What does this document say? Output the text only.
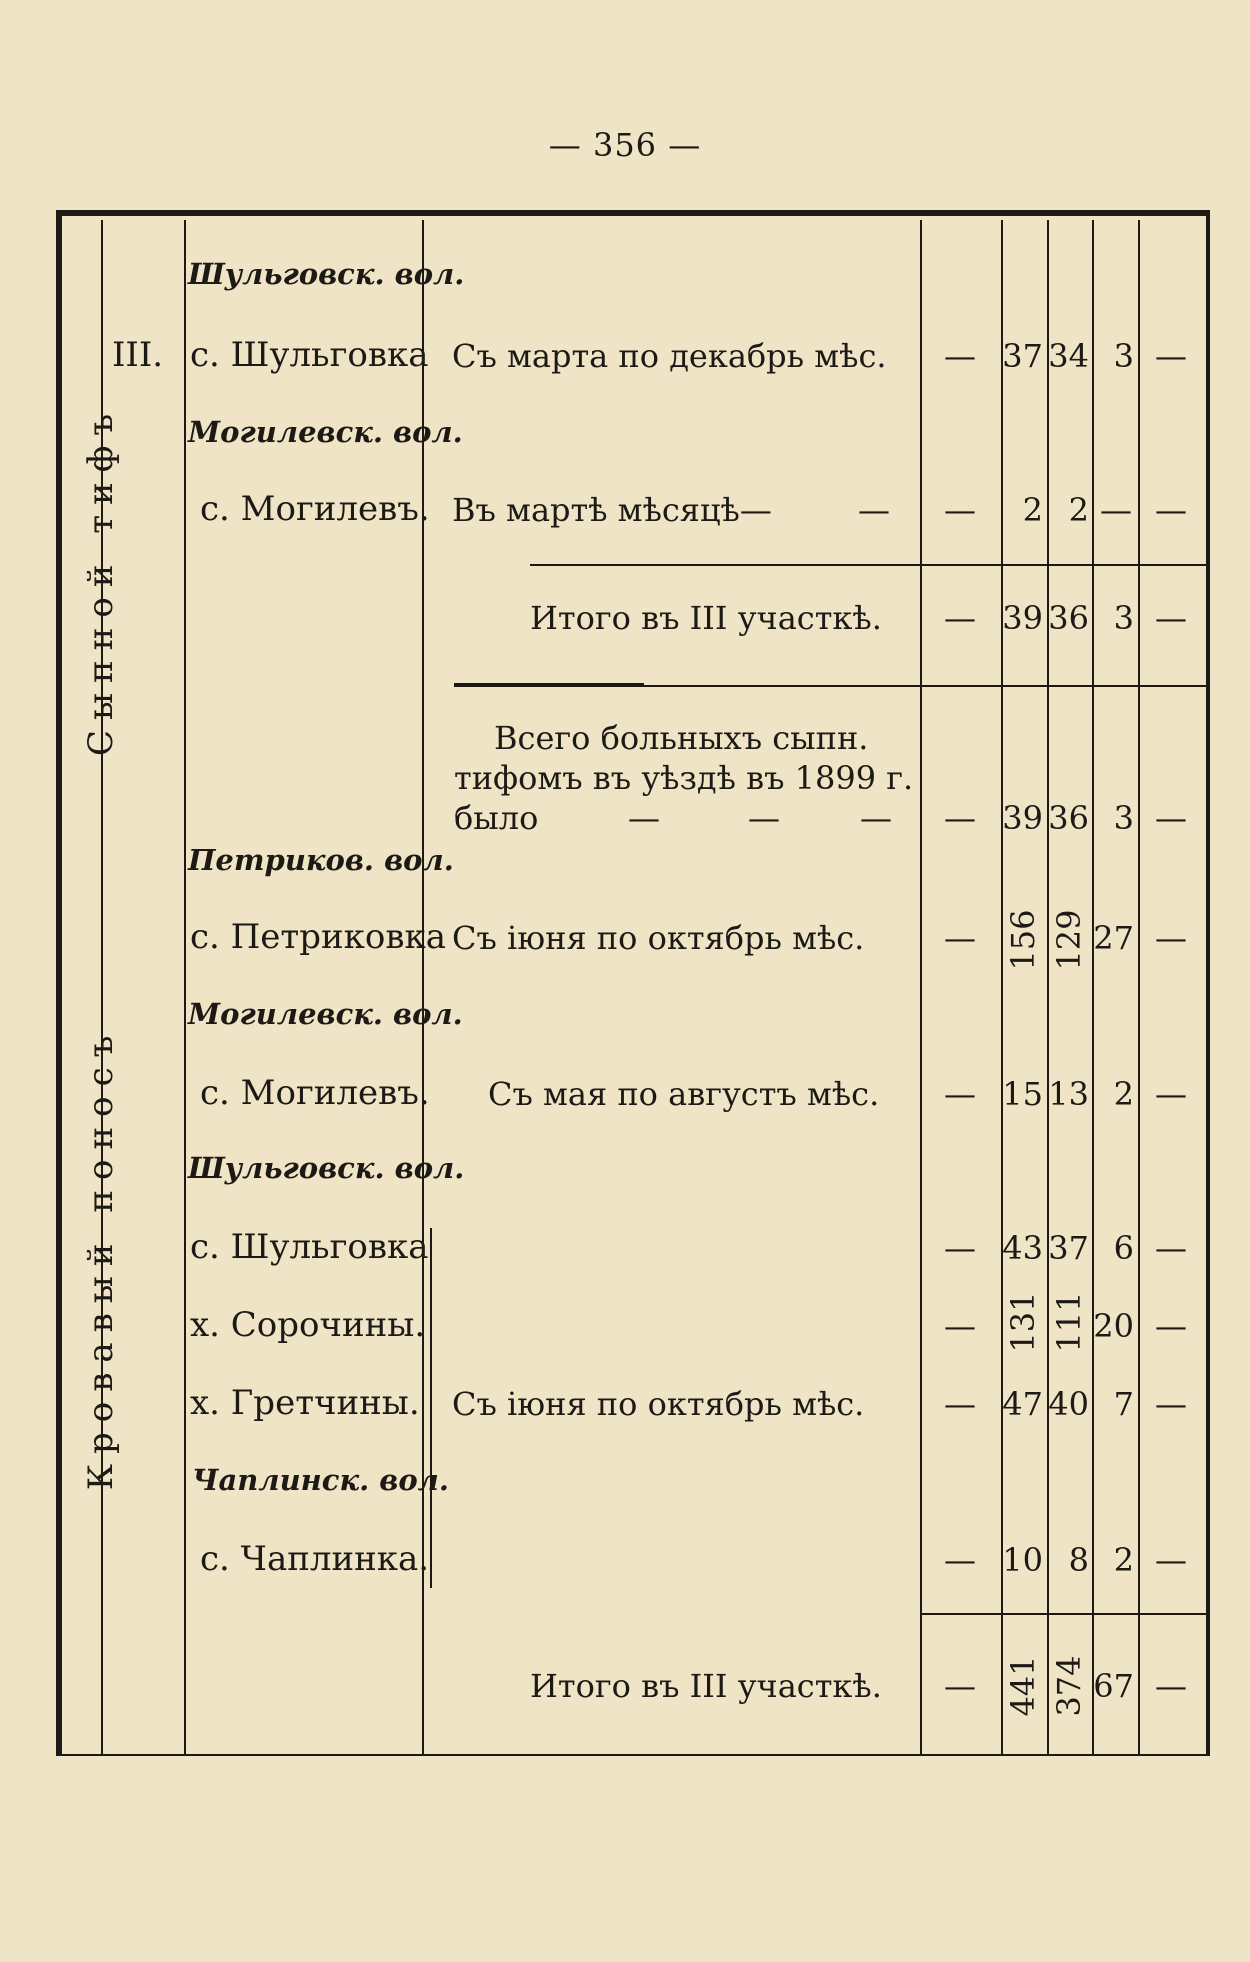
— 356 —
Сыпной тифъ
Кровавый поносъ
III.
Шульговск. вол.
с. Шульговка Съ марта по декабрь мѣс. — 37 34 3 —
Могилевск. вол.
с. Могилевъ. Въ мартѣ мѣсяцѣ—	— —	2 2 — —
Итого въ III участкѣ. — 39 36 3 —
Всего больныхъ сыпн.
тифомъ въ уѣздѣ въ 1899 г.
было	—	—	— — 39 36 3 —
Петриков. вол.
с. Петриковка Съ іюня по октябрь мѣс. — 156 129 27 —
Могилевск. вол.
с. Могилевъ. Съ мая по августъ мѣс. — 15 13 2 —
Шульговск. вол.
с. Шульговка	— 43 37 6 —
х. Сорочины.	— 131 111 20 —
х. Гретчины. Съ іюня по октябрь мѣс. — 47 40 7 —
Чаплинск. вол.
с. Чаплинка.	— 10 8 2 —
Итого въ III участкѣ. — 441 374 67 —
